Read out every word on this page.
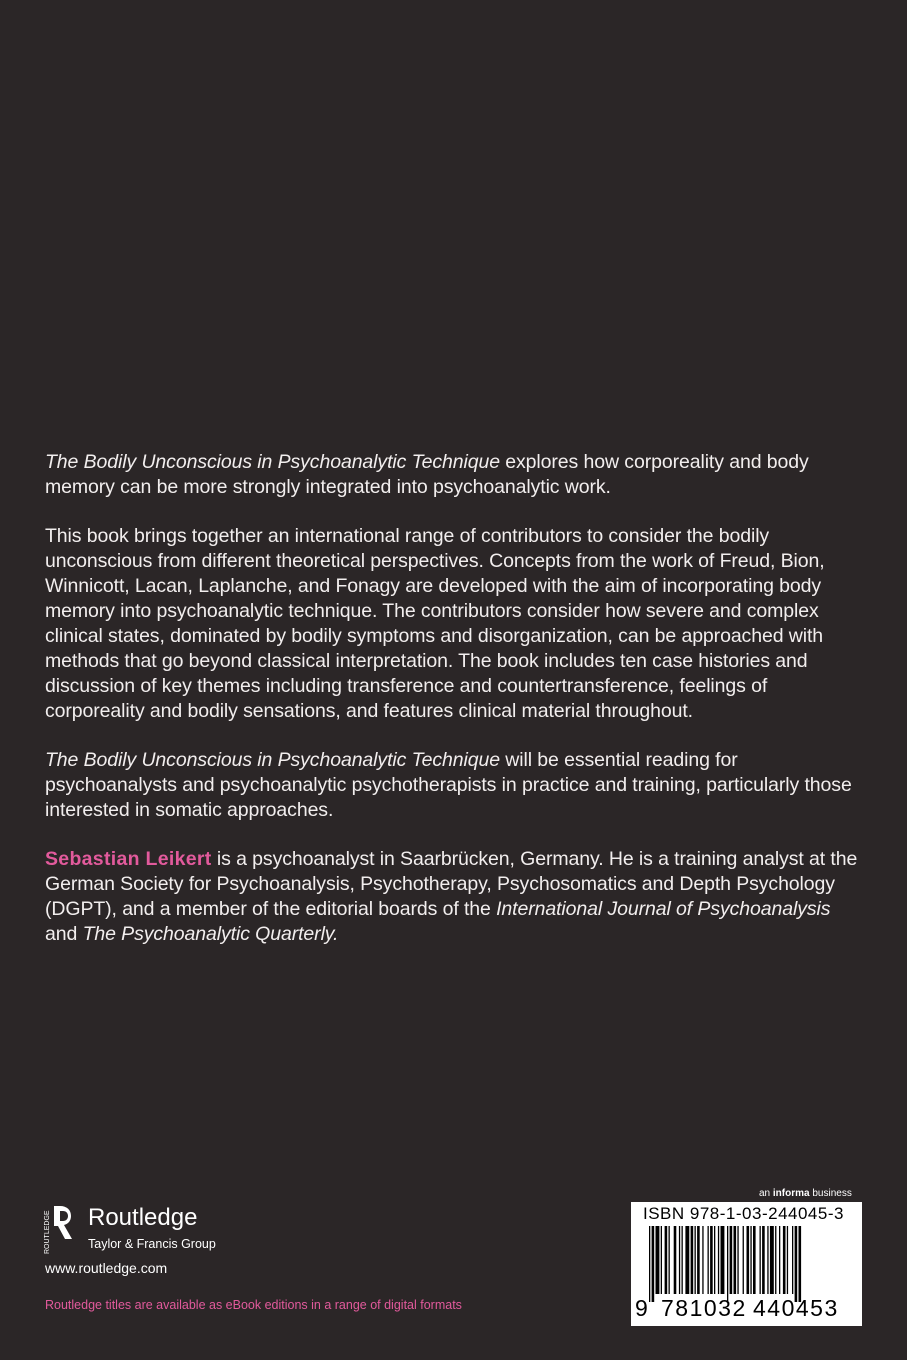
The Bodily Unconscious in Psychoanalytic Technique explores how corporeality and body memory can be more strongly integrated into psychoanalytic work.

This book brings together an international range of contributors to consider the bodily unconscious from different theoretical perspectives. Concepts from the work of Freud, Bion, Winnicott, Lacan, Laplanche, and Fonagy are developed with the aim of incorporating body memory into psychoanalytic technique. The contributors consider how severe and complex clinical states, dominated by bodily symptoms and disorganization, can be approached with methods that go beyond classical interpretation. The book includes ten case histories and discussion of key themes including transference and countertransference, feelings of corporeality and bodily sensations, and features clinical material throughout.

The Bodily Unconscious in Psychoanalytic Technique will be essential reading for psychoanalysts and psychoanalytic psychotherapists in practice and training, particularly those interested in somatic approaches.

Sebastian Leikert is a psychoanalyst in Saarbrücken, Germany. He is a training analyst at the German Society for Psychoanalysis, Psychotherapy, Psychosomatics and Depth Psychology (DGPT), and a member of the editorial boards of the International Journal of Psychoanalysis and The Psychoanalytic Quarterly.

ROUTLEDGE Routledge
Taylor & Francis Group
www.routledge.com
Routledge titles are available as eBook editions in a range of digital formats
an informa business
ISBN 978-1-03-244045-3
9 781032 440453
